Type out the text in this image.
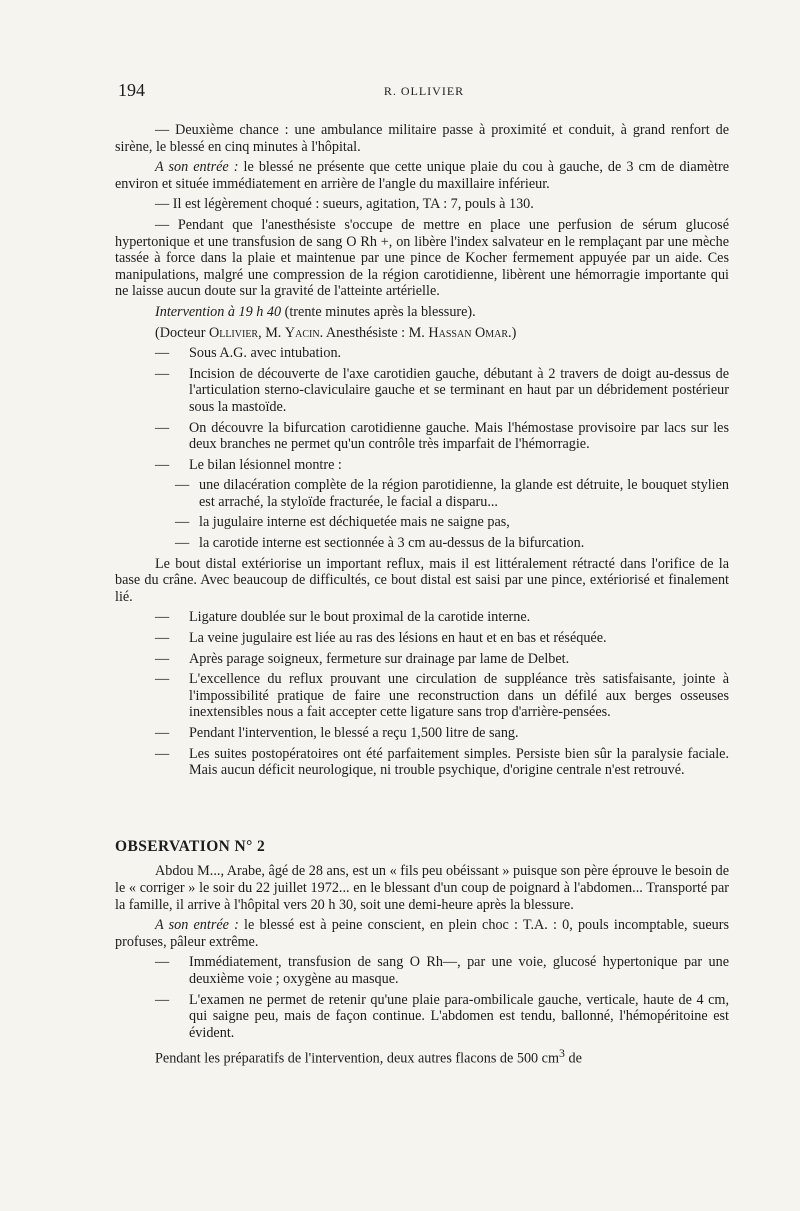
194	R. OLLIVIER

— Deuxième chance : une ambulance militaire passe à proximité et conduit, à grand renfort de sirène, le blessé en cinq minutes à l'hôpital.

A son entrée : le blessé ne présente que cette unique plaie du cou à gauche, de 3 cm de diamètre environ et située immédiatement en arrière de l'angle du maxillaire inférieur.

— Il est légèrement choqué : sueurs, agitation, TA : 7, pouls à 130.

— Pendant que l'anesthésiste s'occupe de mettre en place une perfusion de sérum glucosé hypertonique et une transfusion de sang O Rh +, on libère l'index salvateur en le remplaçant par une mèche tassée à force dans la plaie et maintenue par une pince de Kocher fermement appuyée par un aide. Ces manipulations, malgré une compression de la région carotidienne, libèrent une hémorragie importante qui ne laisse aucun doute sur la gravité de l'atteinte artérielle.

Intervention à 19 h 40 (trente minutes après la blessure).

(Docteur Ollivier, M. Yacin. Anesthésiste : M. Hassan Omar.)

— Sous A.G. avec intubation.
— Incision de découverte de l'axe carotidien gauche, débutant à 2 travers de doigt au-dessus de l'articulation sterno-claviculaire gauche et se terminant en haut par un débridement postérieur sous la mastoïde.
— On découvre la bifurcation carotidienne gauche. Mais l'hémostase provisoire par lacs sur les deux branches ne permet qu'un contrôle très imparfait de l'hémorragie.
— Le bilan lésionnel montre :
— une dilacération complète de la région parotidienne, la glande est détruite, le bouquet stylien est arraché, la styloïde fracturée, le facial a disparu...
— la jugulaire interne est déchiquetée mais ne saigne pas,
— la carotide interne est sectionnée à 3 cm au-dessus de la bifurcation.

Le bout distal extériorise un important reflux, mais il est littéralement rétracté dans l'orifice de la base du crâne. Avec beaucoup de difficultés, ce bout distal est saisi par une pince, extériorisé et finalement lié.

— Ligature doublée sur le bout proximal de la carotide interne.
— La veine jugulaire est liée au ras des lésions en haut et en bas et réséquée.
— Après parage soigneux, fermeture sur drainage par lame de Delbet.
— L'excellence du reflux prouvant une circulation de suppléance très satisfaisante, jointe à l'impossibilité pratique de faire une reconstruction dans un défilé aux berges osseuses inextensibles nous a fait accepter cette ligature sans trop d'arrière-pensées.
— Pendant l'intervention, le blessé a reçu 1,500 litre de sang.
— Les suites postopératoires ont été parfaitement simples. Persiste bien sûr la paralysie faciale. Mais aucun déficit neurologique, ni trouble psychique, d'origine centrale n'est retrouvé.
OBSERVATION N° 2

Abdou M..., Arabe, âgé de 28 ans, est un « fils peu obéissant » puisque son père éprouve le besoin de le « corriger » le soir du 22 juillet 1972... en le blessant d'un coup de poignard à l'abdomen... Transporté par la famille, il arrive à l'hôpital vers 20 h 30, soit une demi-heure après la blessure.

A son entrée : le blessé est à peine conscient, en plein choc : T.A. : 0, pouls incomptable, sueurs profuses, pâleur extrême.

— Immédiatement, transfusion de sang O Rh—, par une voie, glucosé hypertonique par une deuxième voie ; oxygène au masque.
— L'examen ne permet de retenir qu'une plaie para-ombilicale gauche, verticale, haute de 4 cm, qui saigne peu, mais de façon continue. L'abdomen est tendu, ballonné, l'hémopéritoine est évident.

Pendant les préparatifs de l'intervention, deux autres flacons de 500 $cm^3$ de
